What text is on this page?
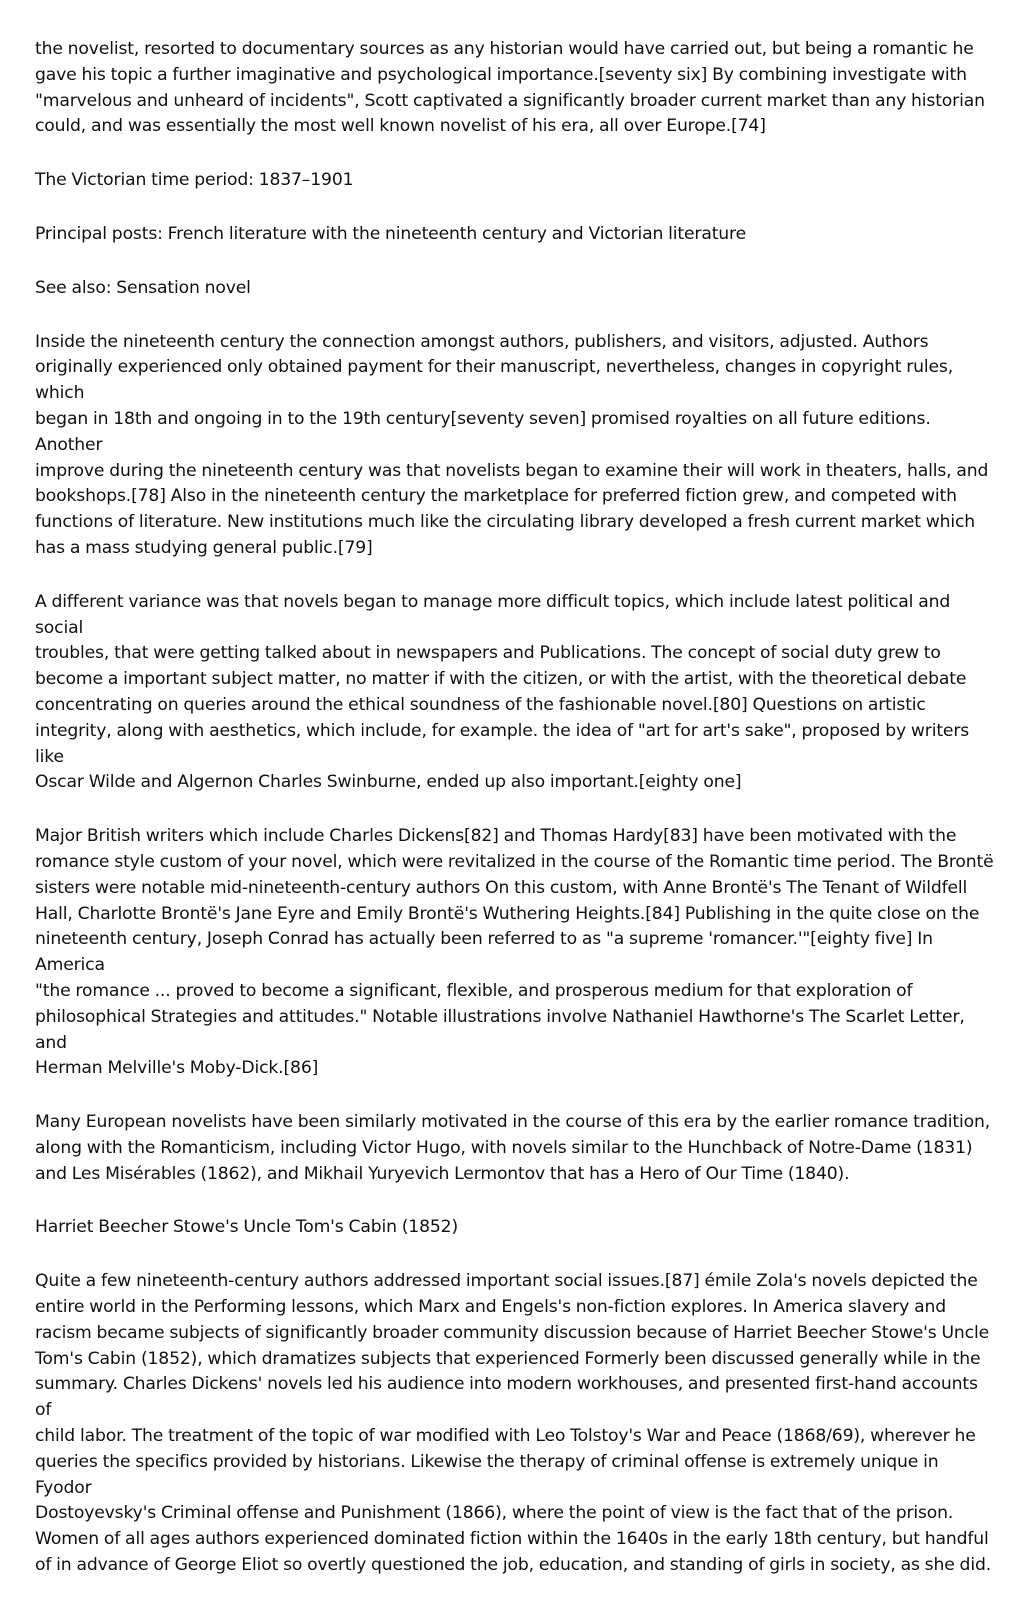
the novelist, resorted to documentary sources as any historian would have carried out, but being a romantic he
gave his topic a further imaginative and psychological importance.[seventy six] By combining investigate with
"marvelous and unheard of incidents", Scott captivated a significantly broader current market than any historian
could, and was essentially the most well known novelist of his era, all over Europe.[74]

The Victorian time period: 1837–1901

Principal posts: French literature with the nineteenth century and Victorian literature

See also: Sensation novel

Inside the nineteenth century the connection amongst authors, publishers, and visitors, adjusted. Authors
originally experienced only obtained payment for their manuscript, nevertheless, changes in copyright rules, which
began in 18th and ongoing in to the 19th century[seventy seven] promised royalties on all future editions. Another
improve during the nineteenth century was that novelists began to examine their will work in theaters, halls, and
bookshops.[78] Also in the nineteenth century the marketplace for preferred fiction grew, and competed with
functions of literature. New institutions much like the circulating library developed a fresh current market which
has a mass studying general public.[79]

A different variance was that novels began to manage more difficult topics, which include latest political and social
troubles, that were getting talked about in newspapers and Publications. The concept of social duty grew to
become a important subject matter, no matter if with the citizen, or with the artist, with the theoretical debate
concentrating on queries around the ethical soundness of the fashionable novel.[80] Questions on artistic
integrity, along with aesthetics, which include, for example. the idea of "art for art's sake", proposed by writers like
Oscar Wilde and Algernon Charles Swinburne, ended up also important.[eighty one]

Major British writers which include Charles Dickens[82] and Thomas Hardy[83] have been motivated with the
romance style custom of your novel, which were revitalized in the course of the Romantic time period. The Brontë
sisters were notable mid-nineteenth-century authors On this custom, with Anne Brontë's The Tenant of Wildfell
Hall, Charlotte Brontë's Jane Eyre and Emily Brontë's Wuthering Heights.[84] Publishing in the quite close on the
nineteenth century, Joseph Conrad has actually been referred to as "a supreme 'romancer.'"[eighty five] In America
"the romance ... proved to become a significant, flexible, and prosperous medium for that exploration of
philosophical Strategies and attitudes." Notable illustrations involve Nathaniel Hawthorne's The Scarlet Letter, and
Herman Melville's Moby-Dick.[86]

Many European novelists have been similarly motivated in the course of this era by the earlier romance tradition,
along with the Romanticism, including Victor Hugo, with novels similar to the Hunchback of Notre-Dame (1831)
and Les Misérables (1862), and Mikhail Yuryevich Lermontov that has a Hero of Our Time (1840).

Harriet Beecher Stowe's Uncle Tom's Cabin (1852)

Quite a few nineteenth-century authors addressed important social issues.[87] émile Zola's novels depicted the
entire world in the Performing lessons, which Marx and Engels's non-fiction explores. In America slavery and
racism became subjects of significantly broader community discussion because of Harriet Beecher Stowe's Uncle
Tom's Cabin (1852), which dramatizes subjects that experienced Formerly been discussed generally while in the
summary. Charles Dickens' novels led his audience into modern workhouses, and presented first-hand accounts of
child labor. The treatment of the topic of war modified with Leo Tolstoy's War and Peace (1868/69), wherever he
queries the specifics provided by historians. Likewise the therapy of criminal offense is extremely unique in Fyodor
Dostoyevsky's Criminal offense and Punishment (1866), where the point of view is the fact that of the prison.
Women of all ages authors experienced dominated fiction within the 1640s in the early 18th century, but handful
of in advance of George Eliot so overtly questioned the job, education, and standing of girls in society, as she did.
